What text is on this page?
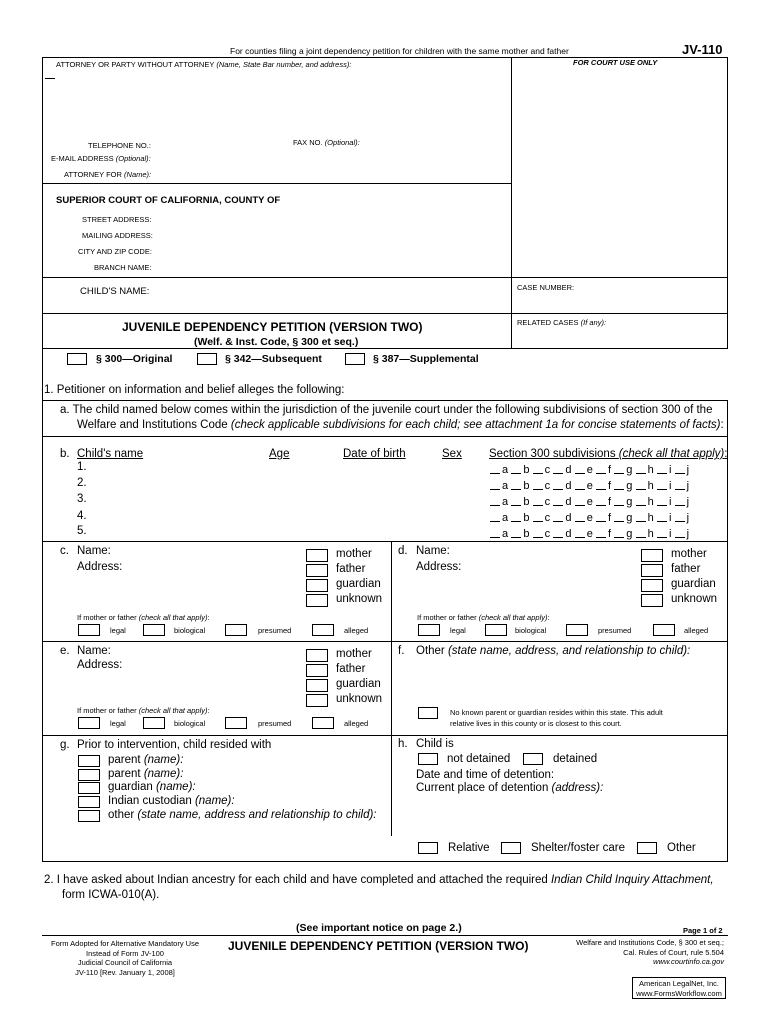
For counties filing a joint dependency petition for children with the same mother and father	JV-110
FOR COURT USE ONLY
ATTORNEY OR PARTY WITHOUT ATTORNEY (Name, State Bar number, and address):
TELEPHONE NO.:	FAX NO. (Optional):
E-MAIL ADDRESS (Optional):
ATTORNEY FOR (Name):
SUPERIOR COURT OF CALIFORNIA, COUNTY OF
STREET ADDRESS:
MAILING ADDRESS:
CITY AND ZIP CODE:
BRANCH NAME:
CHILD'S NAME:	CASE NUMBER:
RELATED CASES (If any):
JUVENILE DEPENDENCY PETITION (VERSION TWO)
(Welf. & Inst. Code, § 300 et seq.)
§ 300—Original	§ 342—Subsequent	§ 387—Supplemental
1. Petitioner on information and belief alleges the following:
a. The child named below comes within the jurisdiction of the juvenile court under the following subdivisions of section 300 of the
Welfare and Institutions Code (check applicable subdivisions for each child; see attachment 1a for concise statements of facts):
b. Child's name	Age	Date of birth	Sex Section 300 subdivisions (check all that apply):
1.	a b c d e f g h i j
2.	a b c d e f g h i j
3.	a b c d e f g h i j
4.	a b c d e f g h i j
5.	a b c d e f g h i j
c. Name:
Address:
mother
father
guardian
unknown
If mother or father (check all that apply):
legal	biological	presumed	alleged
d. Name:
Address:
mother
father
guardian
unknown
If mother or father (check all that apply):
legal	biological	presumed	alleged
e. Name:
Address:
mother
father
guardian
unknown
If mother or father (check all that apply):
legal	biological	presumed	alleged
f. Other (state name, address, and relationship to child):
No known parent or guardian resides within this state. This adult
relative lives in this county or is closest to this court.
g. Prior to intervention, child resided with
parent (name):
parent (name):
guardian (name):
Indian custodian (name):
other (state name, address and relationship to child):
h. Child is
not detained	detained
Date and time of detention:
Current place of detention (address):
Relative	Shelter/foster care	Other
2. I have asked about Indian ancestry for each child and have completed and attached the required Indian Child Inquiry Attachment,
form ICWA-010(A).
(See important notice on page 2.)	Page 1 of 2
Form Adopted for Alternative Mandatory Use
Instead of Form JV-100
Judicial Council of California
JV-110 [Rev. January 1, 2008]
JUVENILE DEPENDENCY PETITION (VERSION TWO)	Welfare and Institutions Code, § 300 et seq.;
Cal. Rules of Court, rule 5.504
www.courtinfo.ca.gov
American LegalNet, Inc.
www.FormsWorkflow.com
